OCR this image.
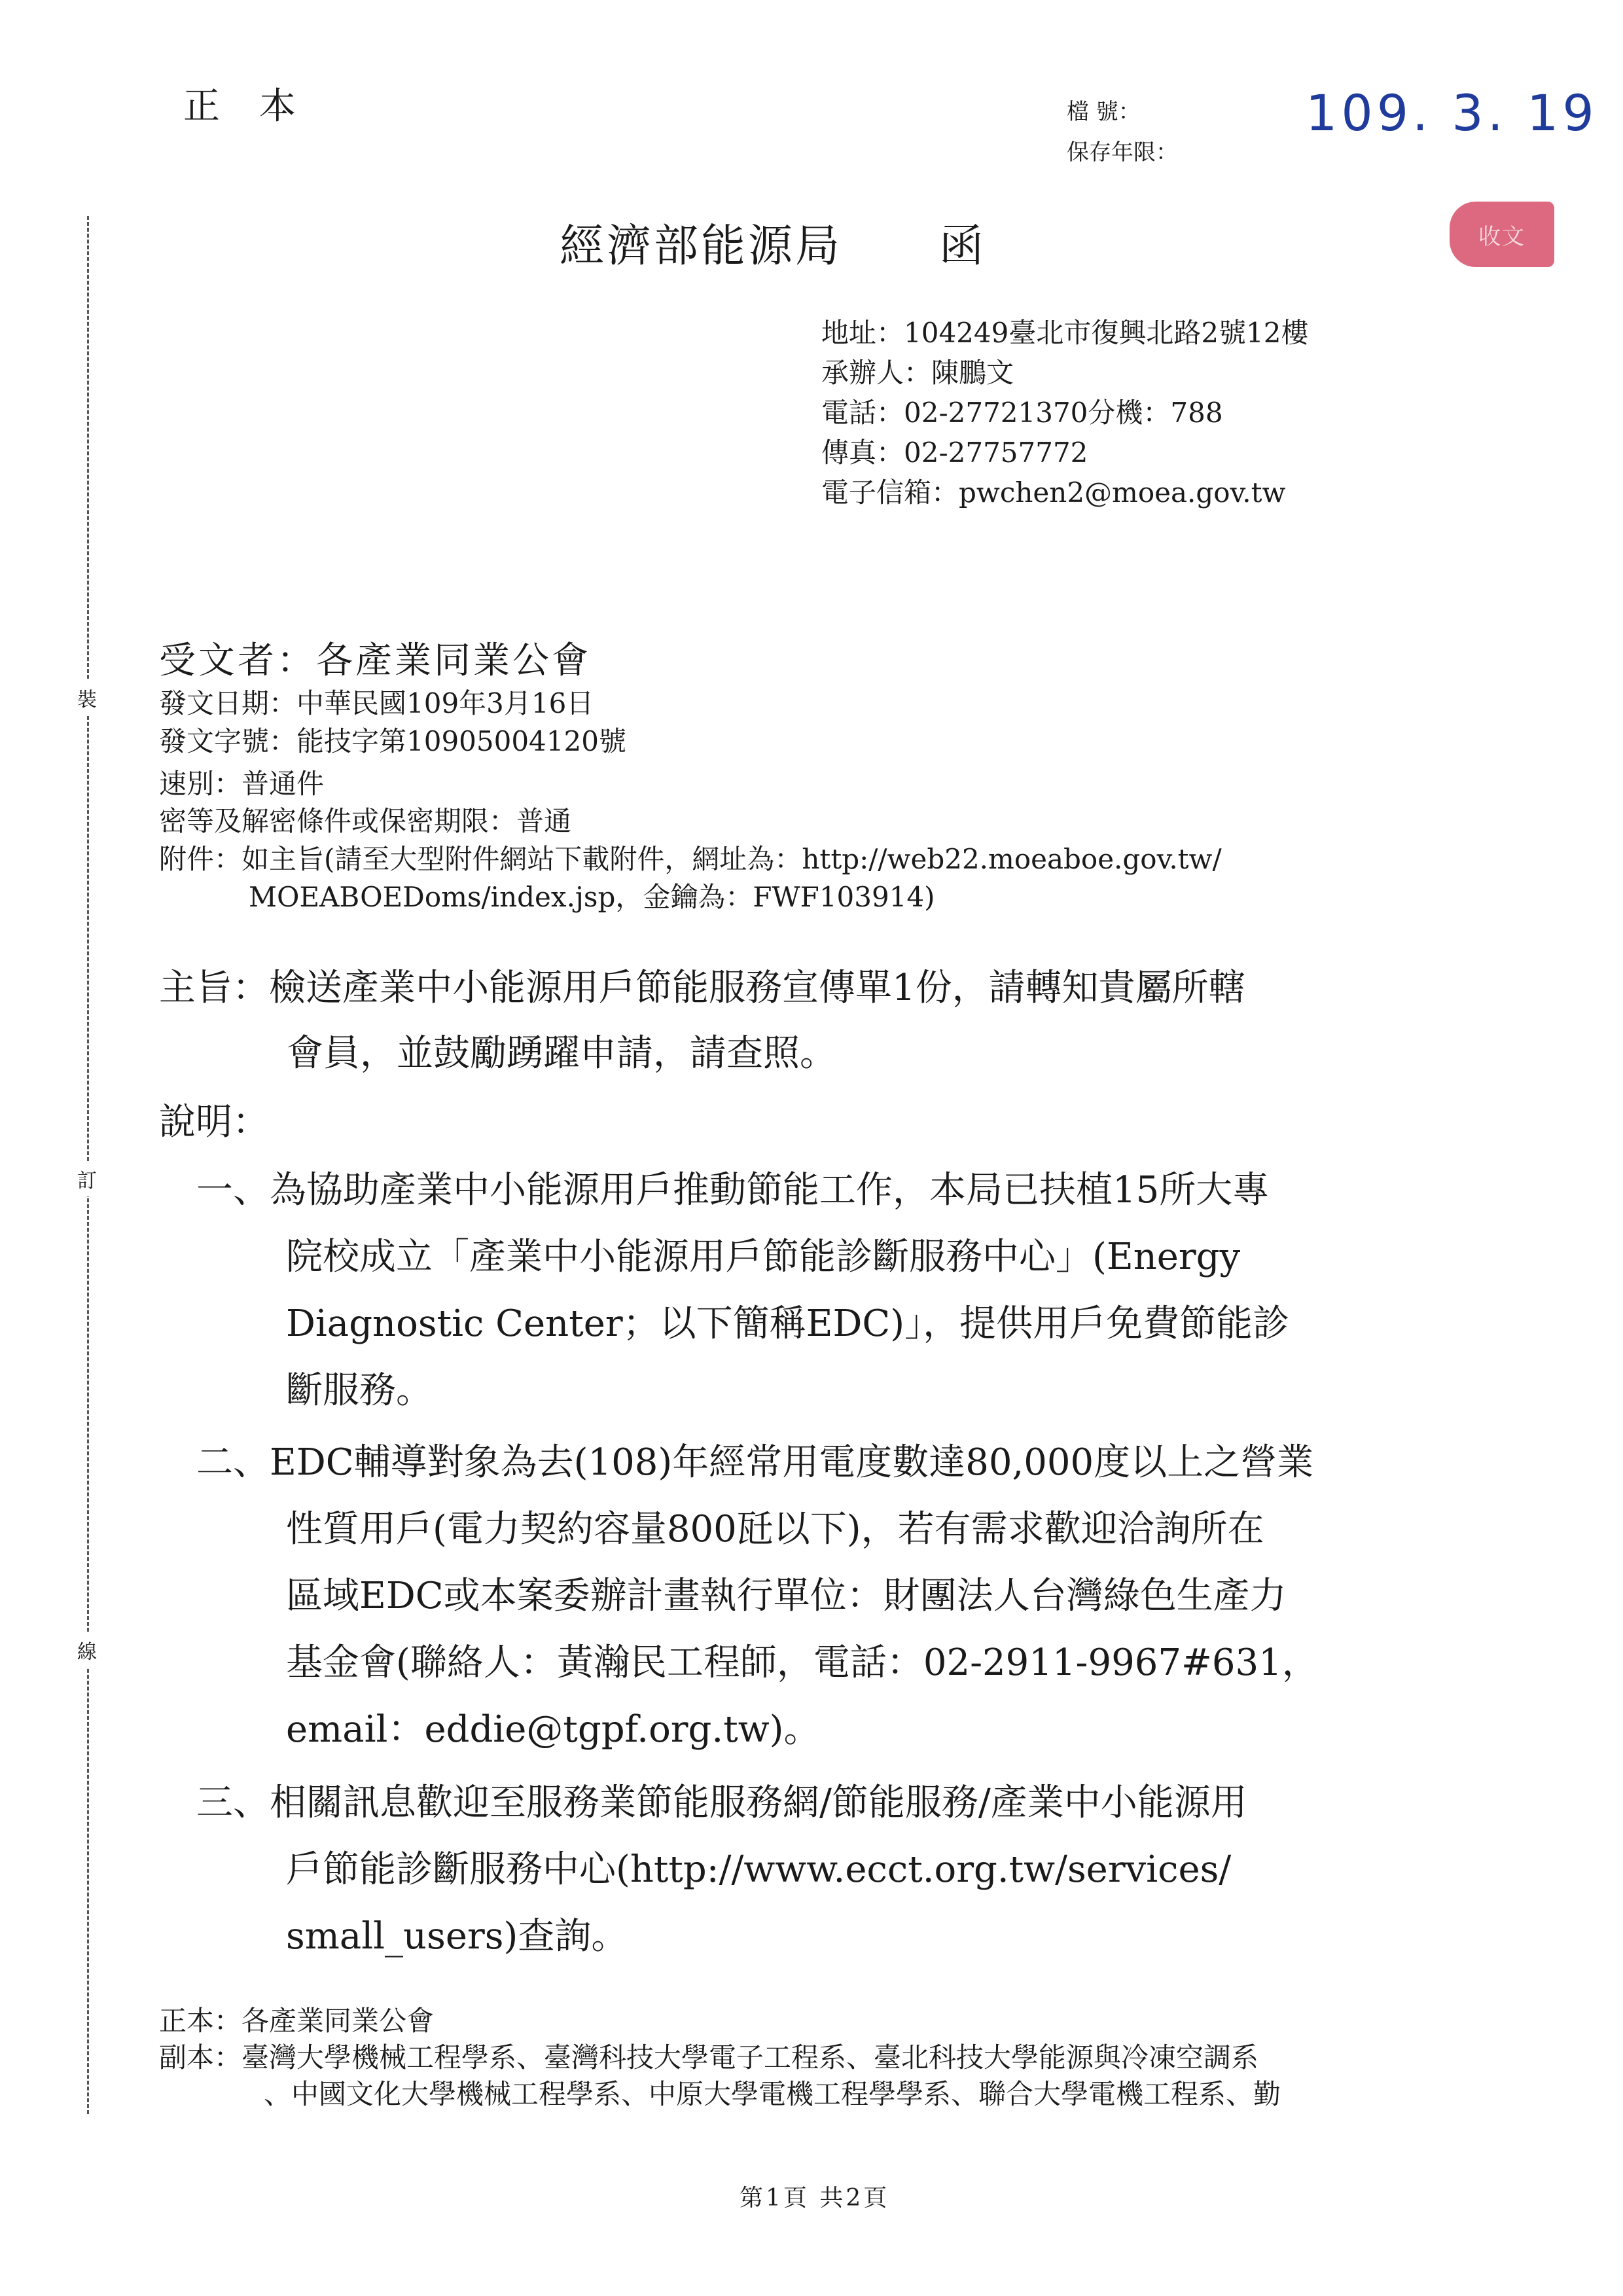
正本	檔 號：
保存年限：
109. 3. 19
收文
經濟部能源局 函
地址：104249臺北市復興北路2號12樓
承辦人：陳鵬文
電話：02-27721370分機：788
傳真：02-27757772
電子信箱：pwchen2@moea.gov.tw
裝
訂
線
受文者：各產業同業公會
發文日期：中華民國109年3月16日
發文字號：能技字第10905004120號
速別：普通件
密等及解密條件或保密期限：普通
附件：如主旨(請至大型附件網站下載附件，網址為：http://web22.moeaboe.gov.tw/
MOEABOEDoms/index.jsp，金鑰為：FWF103914)
主旨：檢送產業中小能源用戶節能服務宣傳單1份，請轉知貴屬所轄
會員，並鼓勵踴躍申請，請查照。
說明：
一、為協助產業中小能源用戶推動節能工作，本局已扶植15所大專
院校成立「產業中小能源用戶節能診斷服務中心」(Energy
Diagnostic Center；以下簡稱EDC)」，提供用戶免費節能診
斷服務。
二、EDC輔導對象為去(108)年經常用電度數達80,000度以上之營業
性質用戶(電力契約容量800瓩以下)，若有需求歡迎洽詢所在
區域EDC或本案委辦計畫執行單位：財團法人台灣綠色生產力
基金會(聯絡人：黃瀚民工程師，電話：02-2911-9967#631，
email：eddie@tgpf.org.tw)。
三、相關訊息歡迎至服務業節能服務網/節能服務/產業中小能源用
戶節能診斷服務中心(http://www.ecct.org.tw/services/
small_users)查詢。
正本：各產業同業公會
副本：臺灣大學機械工程學系、臺灣科技大學電子工程系、臺北科技大學能源與冷凍空調系
、中國文化大學機械工程學系、中原大學電機工程學學系、聯合大學電機工程系、勤
第1頁 共2頁
